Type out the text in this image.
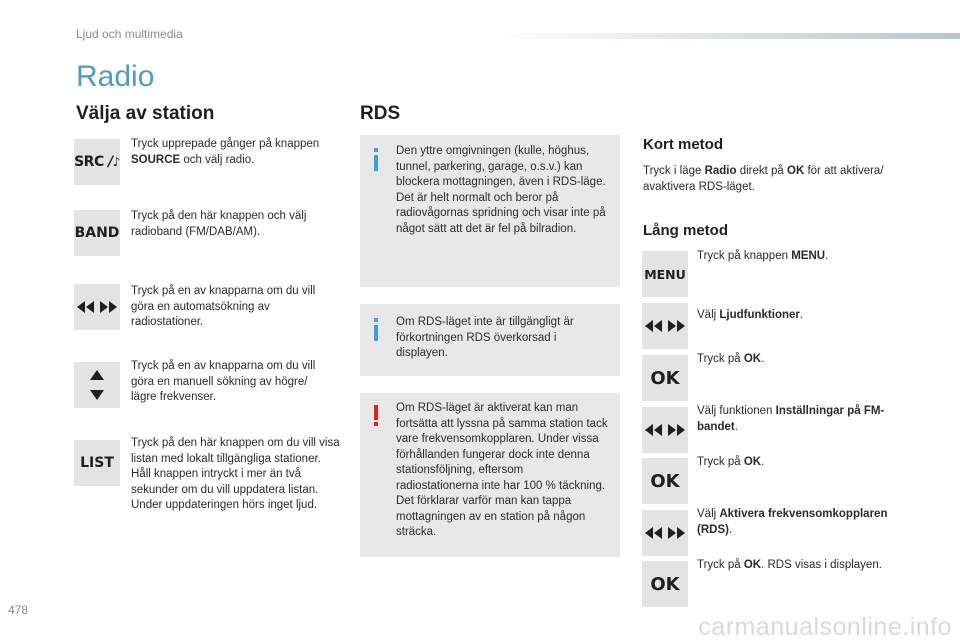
Ljud och multimedia
Radio
Välja av station
SRC /♪
Tryck upprepade gånger på knappen SOURCE och välj radio.
BAND
Tryck på den här knappen och välj radioband (FM/DAB/AM).
Tryck på en av knapparna om du vill göra en automatsökning av radiostationer.
Tryck på en av knapparna om du vill göra en manuell sökning av högre/ lägre frekvenser.
LIST
Tryck på den här knappen om du vill visa listan med lokalt tillgängliga stationer.
Håll knappen intryckt i mer än två sekunder om du vill uppdatera listan. Under uppdateringen hörs inget ljud.
RDS
Den yttre omgivningen (kulle, höghus, tunnel, parkering, garage, o.s.v.) kan blockera mottagningen, även i RDS-läge. Det är helt normalt och beror på radiovågornas spridning och visar inte på något sätt att det är fel på bilradion.
Om RDS-läget inte är tillgängligt är förkortningen RDS överkorsad i displayen.
Om RDS-läget är aktiverat kan man fortsätta att lyssna på samma station tack vare frekvensomkopplaren. Under vissa förhållanden fungerar dock inte denna stationsföljning, eftersom radiostationerna inte har 100 % täckning. Det förklarar varför man kan tappa mottagningen av en station på någon sträcka.
Kort metod
Tryck i läge Radio direkt på OK för att aktivera/ avaktivera RDS-läget.
Lång metod
MENU
Tryck på knappen MENU.
Välj Ljudfunktioner.
OK
Tryck på OK.
Välj funktionen Inställningar på FM-bandet.
OK
Tryck på OK.
Välj Aktivera frekvensomkopplaren (RDS).
OK
Tryck på OK. RDS visas i displayen.
478
carmanualsonline.info
